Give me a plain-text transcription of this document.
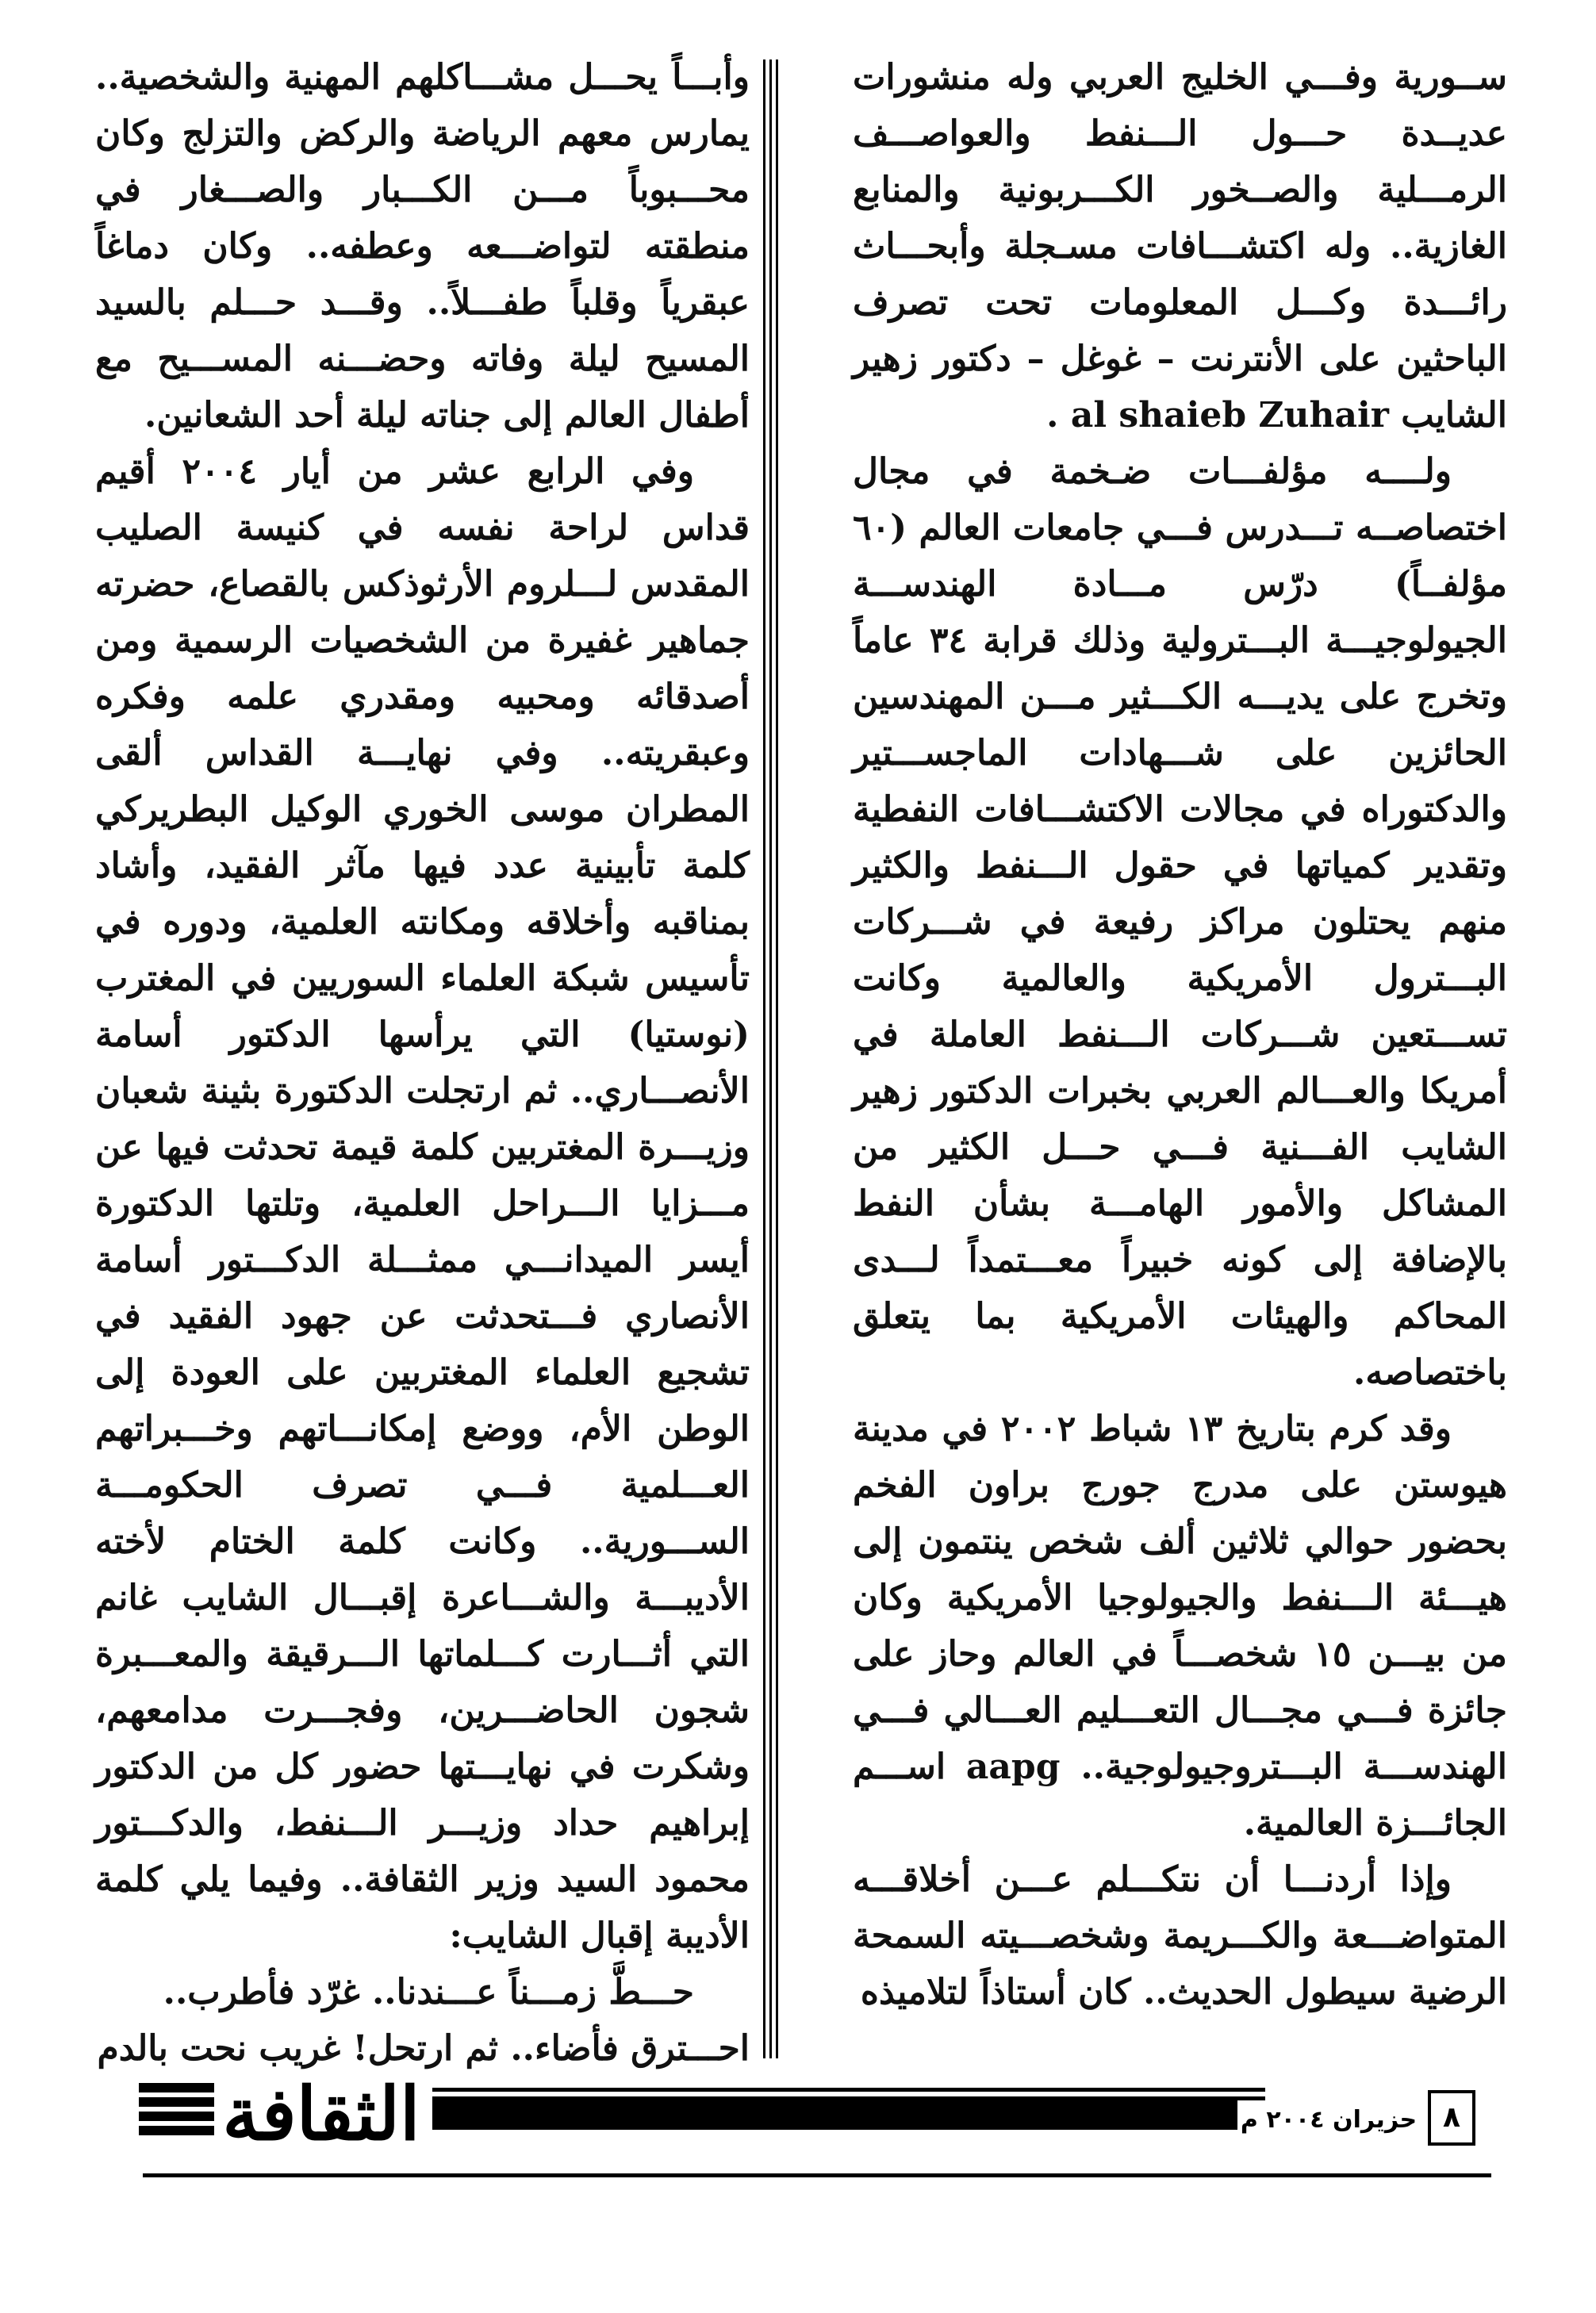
ســورية وفـــي الخليج العربي وله منشورات عديــدة حـــول الـــنفط والعواصـــف الرمـــلية والصــخور الكـــربونية والمنابع الغازية.. وله اكتشـــافات مسـجلة وأبحـــاث رائـــدة وكـــل المعلومات تحت تصرف الباحثين على الأنترنت – غوغل – دكتور زهير الشايب al shaieb Zuhair .

ولــــه مؤلفـــات ضـخمة في مجال اختصاصــه تـــدرس فـــي جامعات العالم (٦٠ مؤلفــاً) درّس مـــادة الهندســـة الجيولوجيـــة البـــترولية وذلك قرابة ٣٤ عاماً وتخرج على يديـــه الكـــثير مـــن المهندسين الحائزين على شـــهادات الماجســـتير والدكتوراه في مجالات الاكتشـــافات النفطية وتقدير كمياتها في حقول الـــنفط والكثير منهم يحتلون مراكز رفيعة في شـــركات البـــترول الأمريكية والعالمية وكانت تســـتعين شـــركات الـــنفط العاملة في أمريكا والعـــالم العربي بخبرات الدكتور زهير الشايب الفـــنية فـــي حـــل الكثير من المشاكل والأمور الهامـــة بشأن النفط بالإضافة إلى كونه خبيراً معـــتمداً لـــدى المحاكم والهيئات الأمريكية بما يتعلق باختصاصه.

وقد كرم بتاريخ ١٣ شباط ٢٠٠٢ في مدينة هيوستن على مدرج جورج براون الفخم بحضور حوالي ثلاثين ألف شخص ينتمون إلى هيـــئة الـــنفط والجيولوجيا الأمريكية وكان من بيـــن ١٥ شخصـــاً في العالم وحاز على جائزة فـــي مجـــال التعـــليم العـــالي فـــي الهندســـة البـــتروجيولوجية.. aapg اســـم الجائـــزة العالمية.

وإذا أردنـــا أن نتكـــلم عـــن أخلاقـــه المتواضـــعة والكـــريمة وشخصـــيته السمحة الرضية سيطول الحديث.. كان أستاذاً لتلاميذه

وأبـــاً يحـــل مشـــاكلهم المهنية والشخصية.. يمارس معهم الرياضة والركض والتزلج وكان محـــبوباً مـــن الكـــبار والصـــغار في منطقته لتواضـــعه وعطفه.. وكان دماغاً عبقرياً وقلباً طفـــلاً.. وقـــد حـــلم بالسيد المسيح ليلة وفاته وحضـــنه المســـيح مع أطفال العالم إلى جناته ليلة أحد الشعانين.

وفي الرابع عشر من أيار ٢٠٠٤ أقيم قداس لراحة نفسه في كنيسة الصليب المقدس لـــلروم الأرثوذكس بالقصاع، حضرته جماهير غفيرة من الشخصيات الرسمية ومن أصدقائه ومحبيه ومقدري علمه وفكره وعبقريته.. وفي نهايـــة القداس ألقى المطران موسى الخوري الوكيل البطريركي كلمة تأبينية عدد فيها مآثر الفقيد، وأشاد بمناقبه وأخلاقه ومكانته العلمية، ودوره في تأسيس شبكة العلماء السوريين في المغترب (نوستيا) التي يرأسها الدكتور أسامة الأنصـــاري.. ثم ارتجلت الدكتورة بثينة شعبان وزيـــرة المغتربين كلمة قيمة تحدثت فيها عن مـــزايا الـــراحل العلمية، وتلتها الدكتورة أيسر الميدانـــي ممثـــلة الدكـــتور أسامة الأنصاري فـــتحدثت عن جهود الفقيد في تشجيع العلماء المغتربين على العودة إلى الوطن الأم، ووضع إمكانـــاتهم وخـــبراتهم العـــلمية فـــي تصرف الحكومـــة الســـورية.. وكانت كلمة الختام لأخته الأديبـــة والشـــاعرة إقبـــال الشايب غانم التي أثـــارت كـــلماتها الـــرقيقة والمعـــبرة شجون الحاضـــرين، وفجـــرت مدامعهم، وشكرت في نهايـــتها حضور كل من الدكتور إبراهيم حداد وزيـــر الـــنفط، والدكـــتور محمود السيد وزير الثقافة.. وفيما يلي كلمة الأديبة إقبال الشايب:

حـــطَّ زمـــناً عـــندنا.. غرّد فأطرب..

احـــترق فأضاء.. ثم ارتحل! غريب نحت بالدم

الثقافة	حزيران ٢٠٠٤ م ٨
